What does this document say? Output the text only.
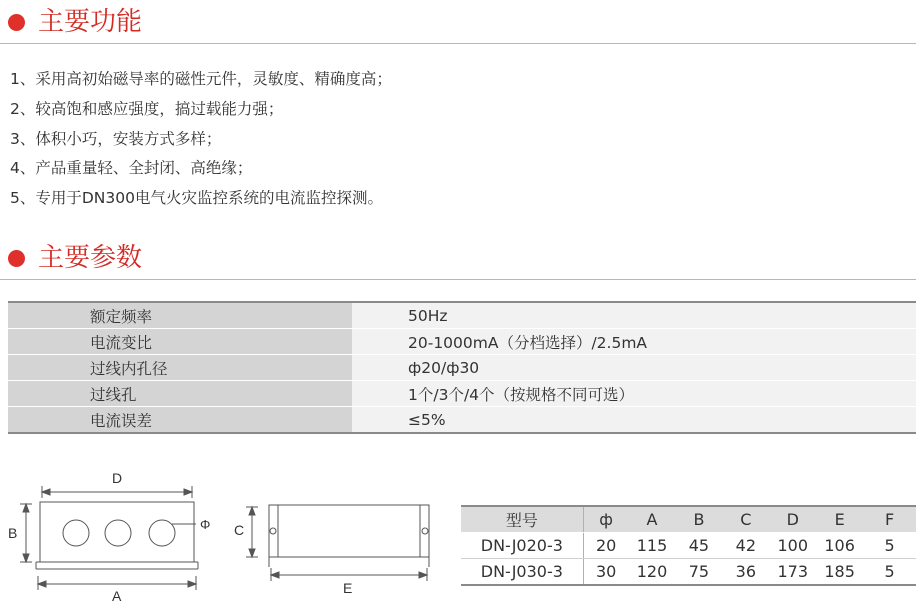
主要功能
1、采用高初始磁导率的磁性元件，灵敏度、精确度高；
2、较高饱和感应强度，搞过载能力强；
3、体积小巧，安装方式多样；
4、产品重量轻、全封闭、高绝缘；
5、专用于DN300电气火灾监控系统的电流监控探测。
主要参数
额定频率	50Hz
电流变比	20-1000mA（分档选择）/2.5mA
过线内孔径	ф20/ф30
过线孔	1个/3个/4个（按规格不同可选）
电流误差	≤5%
D
B
A
Φ C
E
型号	ф	A	B	C	D	E	F
DN-J020-3	20	115	45	42	100	106	5
DN-J030-3	30	120	75	36	173	185	5
